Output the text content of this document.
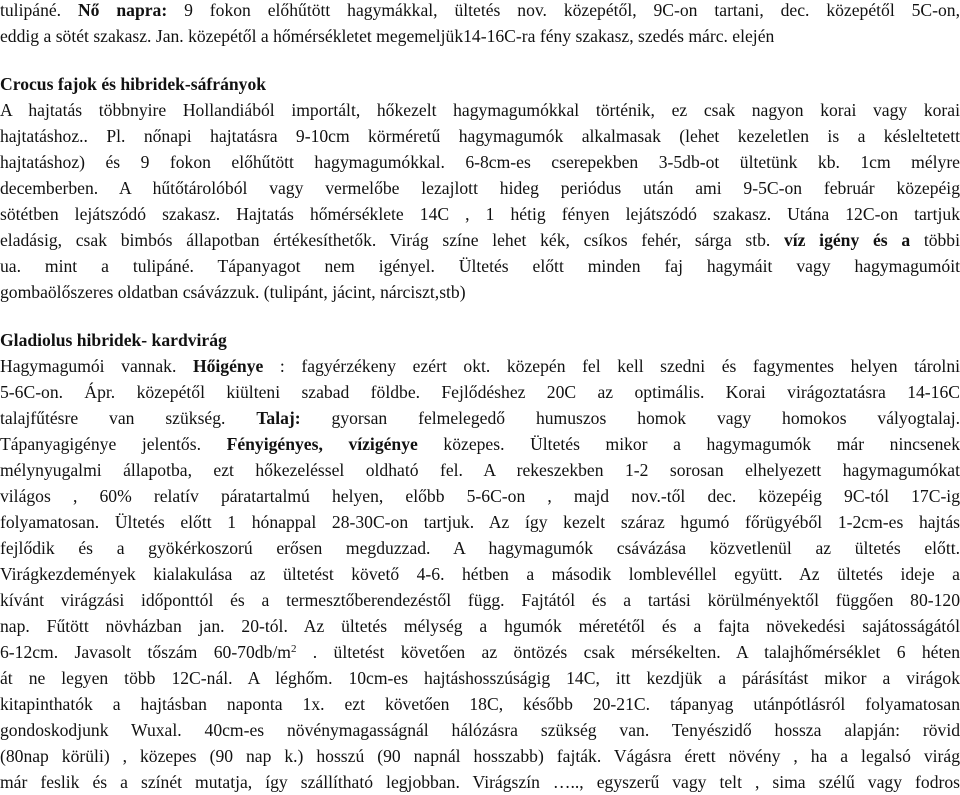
tulipáné. Nő napra: 9 fokon előhűtött hagymákkal, ültetés nov. közepétől, 9C-on tartani, dec. közepétől 5C-on,

eddig a sötét szakasz. Jan. közepétől a hőmérsékletet megemeljük14-16C-ra fény szakasz, szedés márc. elején

Crocus fajok és hibridek-sáfrányok

A hajtatás többnyire Hollandiából importált, hőkezelt hagymagumókkal történik, ez csak nagyon korai vagy korai

hajtatáshoz.. Pl. nőnapi hajtatásra 9-10cm körméretű hagymagumók alkalmasak (lehet kezeletlen is a késleltetett

hajtatáshoz) és 9 fokon előhűtött hagymagumókkal. 6-8cm-es cserepekben 3-5db-ot ültetünk kb. 1cm mélyre

decemberben. A hűtőtárolóból vagy vermelőbe lezajlott hideg periódus után ami 9-5C-on február közepéig

sötétben lejátszódó szakasz. Hajtatás hőmérséklete 14C , 1 hétig fényen lejátszódó szakasz. Utána 12C-on tartjuk

eladásig, csak bimbós állapotban értékesíthetők. Virág színe lehet kék, csíkos fehér, sárga stb. víz igény és a többi

ua. mint a tulipáné. Tápanyagot nem igényel. Ültetés előtt minden faj hagymáit vagy hagymagumóit

gombaölőszeres oldatban csávázzuk. (tulipánt, jácint, nárciszt,stb)

Gladiolus hibridek- kardvirág

Hagymagumói vannak. Hőigénye : fagyérzékeny ezért okt. közepén fel kell szedni és fagymentes helyen tárolni

5-6C-on. Ápr. közepétől kiülteni szabad földbe. Fejlődéshez 20C az optimális. Korai virágoztatásra 14-16C

talajfűtésre van szükség. Talaj: gyorsan felmelegedő humuszos homok vagy homokos vályogtalaj.

Tápanyagigénye jelentős. Fényigényes, vízigénye közepes. Ültetés mikor a hagymagumók már nincsenek

mélynyugalmi állapotba, ezt hőkezeléssel oldható fel. A rekeszekben 1-2 sorosan elhelyezett hagymagumókat

világos , 60% relatív páratartalmú helyen, előbb 5-6C-on , majd nov.-től dec. közepéig 9C-tól 17C-ig

folyamatosan. Ültetés előtt 1 hónappal 28-30C-on tartjuk. Az így kezelt száraz hgumó főrügyéből 1-2cm-es hajtás

fejlődik és a gyökérkoszorú erősen megduzzad. A hagymagumók csávázása közvetlenül az ültetés előtt.

Virágkezdemények kialakulása az ültetést követő 4-6. hétben a második lomblevéllel együtt. Az ültetés ideje a

kívánt virágzási időponttól és a termesztőberendezéstől függ. Fajtától és a tartási körülményektől függően 80-120

nap. Fűtött növházban jan. 20-tól. Az ültetés mélység a hgumók méretétől és a fajta növekedési sajátosságától

6-12cm. Javasolt tőszám $60-70db/m^2$ . ültetést követően az öntözés csak mérsékelten. A talajhőmérséklet 6 héten

át ne legyen több 12C-nál. A léghőm. 10cm-es hajtáshosszúságig 14C, itt kezdjük a párásítást mikor a virágok

kitapinthatók a hajtásban naponta 1x. ezt követően 18C, később 20-21C. tápanyag utánpótlásról folyamatosan

gondoskodjunk Wuxal. 40cm-es növénymagasságnál hálózásra szükség van. Tenyészidő hossza alapján: rövid

(80nap körüli) , közepes (90 nap k.) hosszú (90 napnál hosszabb) fajták. Vágásra érett növény , ha a legalsó virág

már feslik és a színét mutatja, így szállítható legjobban. Virágszín ….., egyszerű vagy telt , sima szélű vagy fodros
